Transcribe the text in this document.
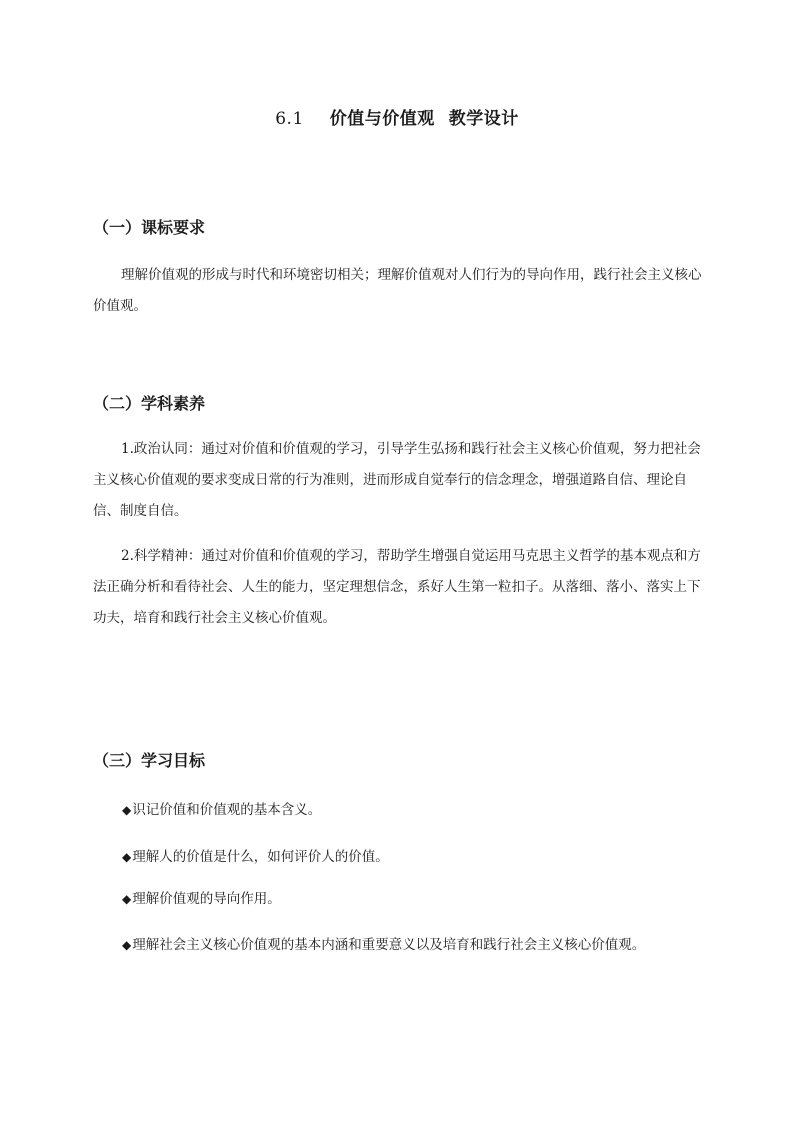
6.1 价值与价值观 教学设计
（一）课标要求
理解价值观的形成与时代和环境密切相关；理解价值观对人们行为的导向作用，践行社会主义核心价值观。
（二）学科素养
1.政治认同：通过对价值和价值观的学习，引导学生弘扬和践行社会主义核心价值观，努力把社会主义核心价值观的要求变成日常的行为准则，进而形成自觉奉行的信念理念，增强道路自信、理论自信、制度自信。
2.科学精神：通过对价值和价值观的学习，帮助学生增强自觉运用马克思主义哲学的基本观点和方法正确分析和看待社会、人生的能力，坚定理想信念，系好人生第一粒扣子。从落细、落小、落实上下功夫，培育和践行社会主义核心价值观。
（三）学习目标
◆识记价值和价值观的基本含义。
◆理解人的价值是什么，如何评价人的价值。
◆理解价值观的导向作用。
◆理解社会主义核心价值观的基本内涵和重要意义以及培育和践行社会主义核心价值观。
